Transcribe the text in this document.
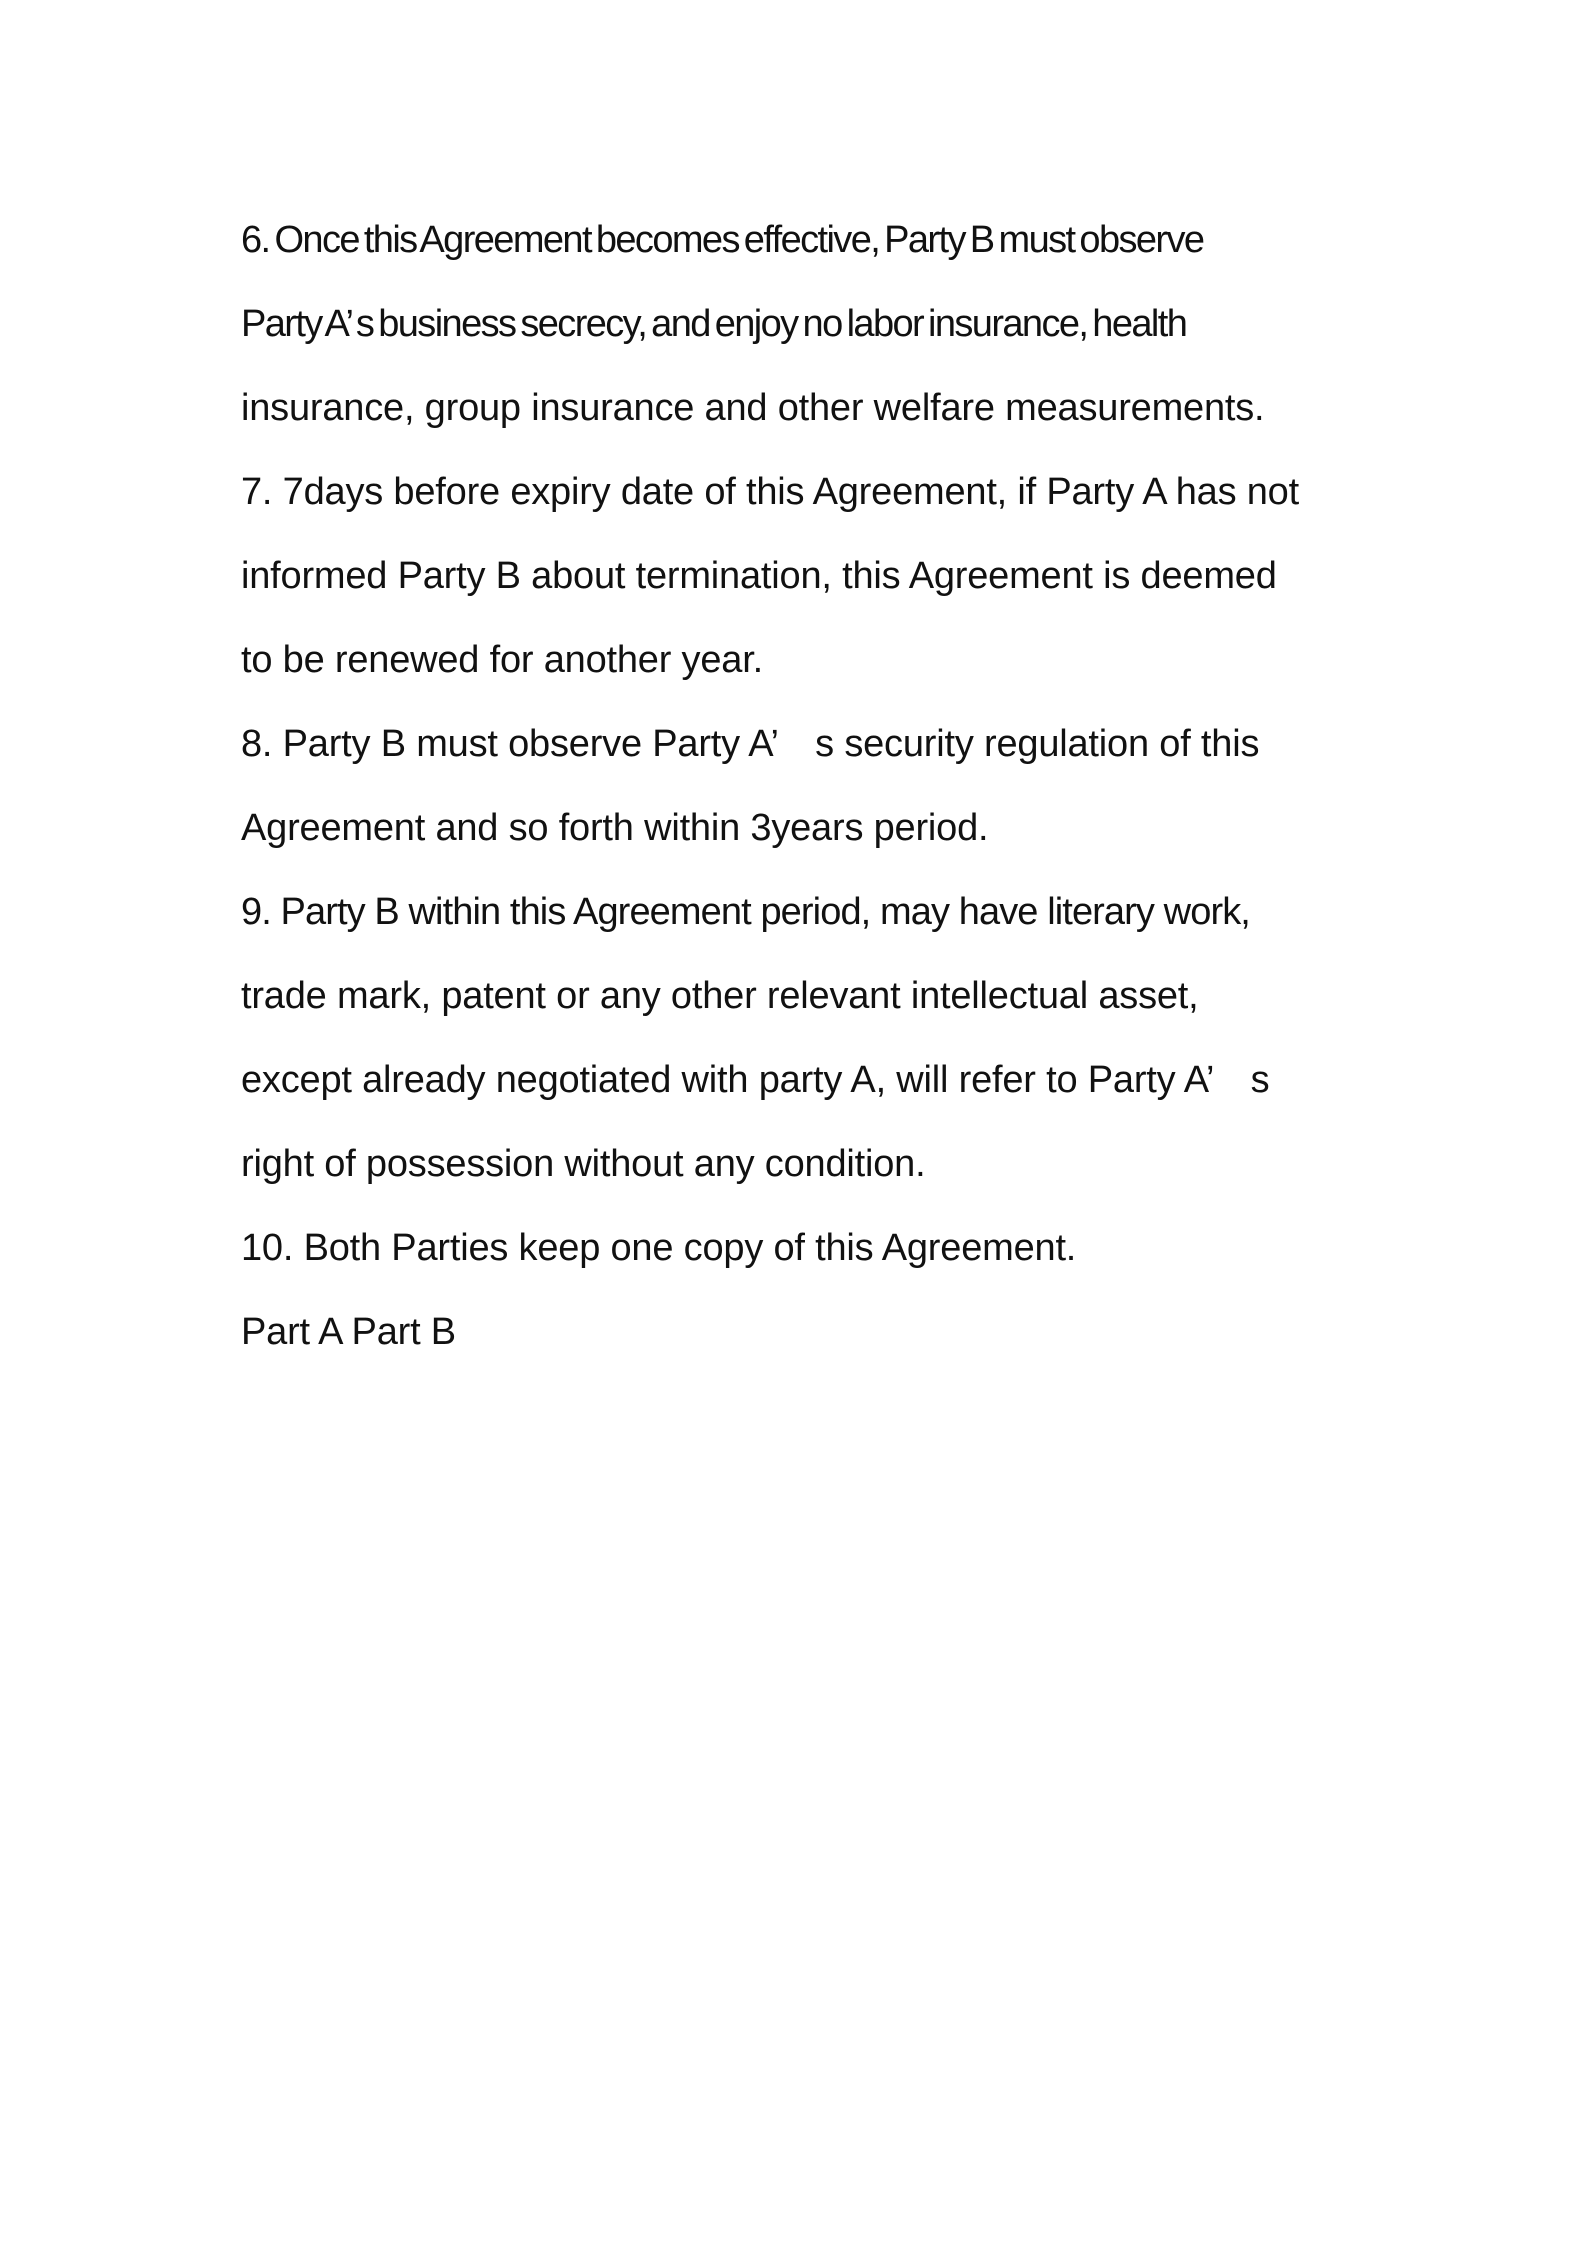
6. Once this Agreement becomes effective, Party B must observe
Party A’ s business secrecy, and enjoy no labor insurance, health
insurance, group insurance and other welfare measurements.
7. 7days before expiry date of this Agreement, if Party A has not
informed Party B about termination, this Agreement is deemed
to be renewed for another year.
8. Party B must observe Party A’　s security regulation of this
Agreement and so forth within 3years period.
9. Party B within this Agreement period, may have literary work,
trade mark, patent or any other relevant intellectual asset,
except already negotiated with party A, will refer to Party A’　s
right of possession without any condition.
10. Both Parties keep one copy of this Agreement.
Part A Part B
